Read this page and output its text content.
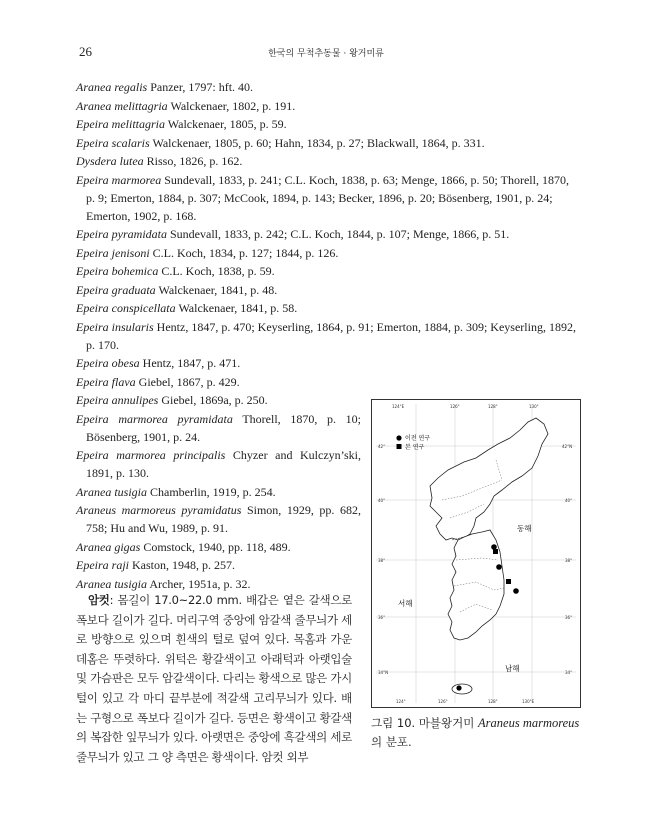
26	한국의 무척추동물 · 왕거미류

Aranea regalis Panzer, 1797: hft. 40.

Aranea melittagria Walckenaer, 1802, p. 191.

Epeira melittagria Walckenaer, 1805, p. 59.

Epeira scalaris Walckenaer, 1805, p. 60; Hahn, 1834, p. 27; Blackwall, 1864, p. 331.

Dysdera lutea Risso, 1826, p. 162.

Epeira marmorea Sundevall, 1833, p. 241; C.L. Koch, 1838, p. 63; Menge, 1866, p. 50; Thorell, 1870, p. 9; Emerton, 1884, p. 307; McCook, 1894, p. 143; Becker, 1896, p. 20; Bösenberg, 1901, p. 24; Emerton, 1902, p. 168.

Epeira pyramidata Sundevall, 1833, p. 242; C.L. Koch, 1844, p. 107; Menge, 1866, p. 51.

Epeira jenisoni C.L. Koch, 1834, p. 127; 1844, p. 126.

Epeira bohemica C.L. Koch, 1838, p. 59.

Epeira graduata Walckenaer, 1841, p. 48.

Epeira conspicellata Walckenaer, 1841, p. 58.

Epeira insularis Hentz, 1847, p. 470; Keyserling, 1864, p. 91; Emerton, 1884, p. 309; Keyserling, 1892, p. 170.

Epeira obesa Hentz, 1847, p. 471.

Epeira flava Giebel, 1867, p. 429.

Epeira annulipes Giebel, 1869a, p. 250.

Epeira marmorea pyramidata Thorell, 1870, p. 10; Bösenberg, 1901, p. 24.

Epeira marmorea principalis Chyzer and Kulczyn’ski, 1891, p. 130.

Aranea tusigia Chamberlin, 1919, p. 254.

Araneus marmoreus pyramidatus Simon, 1929, pp. 682, 758; Hu and Wu, 1989, p. 91.

Aranea gigas Comstock, 1940, pp. 118, 489.

Epeira raji Kaston, 1948, p. 257.

Aranea tusigia Archer, 1951a, p. 32.

암컷: 몸길이 17.0~22.0 mm. 배갑은 옅은 갈색으로 폭보다 길이가 길다. 머리구역 중앙에 암갈색 줄무늬가 세로 방향으로 있으며 흰색의 털로 덮여 있다. 목홈과 가운데홈은 뚜렷하다. 위턱은 황갈색이고 아래턱과 아랫입술 및 가슴판은 모두 암갈색이다. 다리는 황색으로 많은 가시털이 있고 각 마디 끝부분에 적갈색 고리무늬가 있다. 배는 구형으로 폭보다 길이가 길다. 등면은 황색이고 황갈색의 복잡한 잎무늬가 있다. 아랫면은 중앙에 흑갈색의 세로줄무늬가 있고 그 양 측면은 황색이다. 암컷 외부
이전 연구
본 연구
동해
서해
남해
124°E	126°	128°	130°
124°	126°	128°	130°E
42°
40°
38°
36°
34°N
42°N
40°
38°
36°
34°
그림 10. 마블왕거미 Araneus marmoreus의 분포.
